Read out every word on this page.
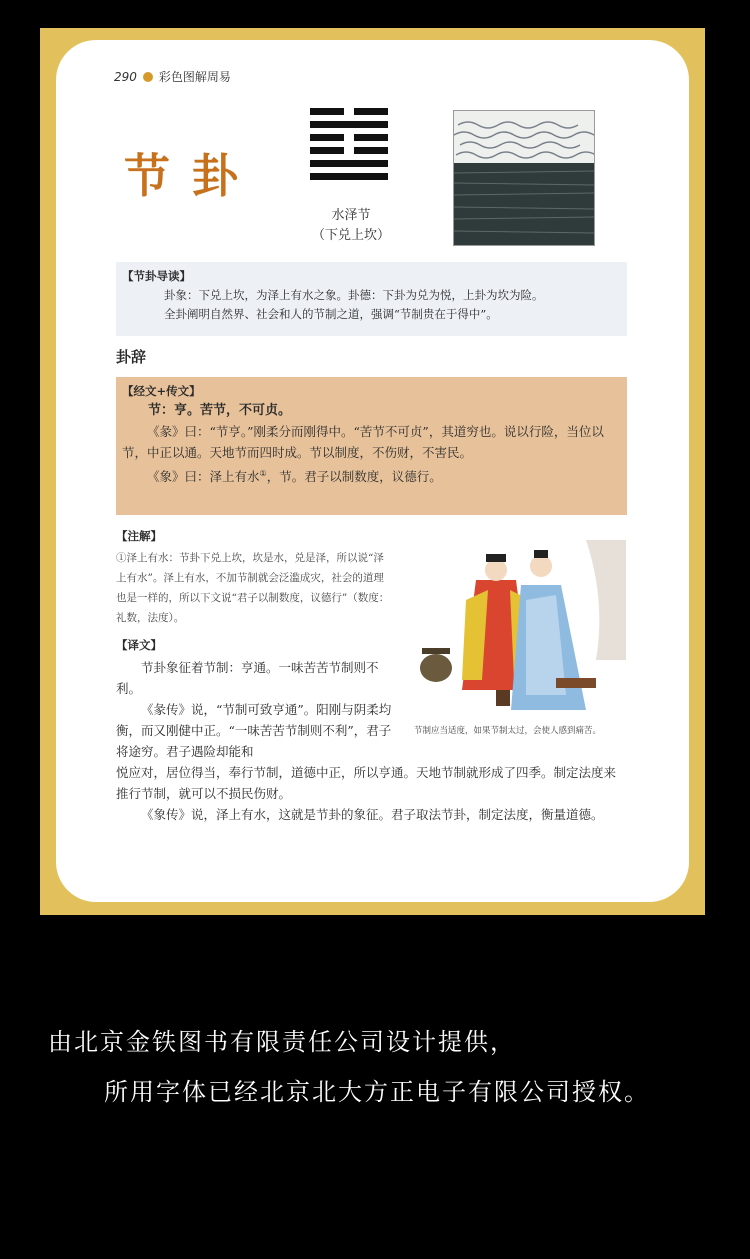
290 彩色图解周易
节卦
水泽节
（下兑上坎）
【节卦导读】

卦象：下兑上坎，为泽上有水之象。卦德：下卦为兑为悦，上卦为坎为险。

全卦阐明自然界、社会和人的节制之道，强调“节制贵在于得中”。

卦辞
【经文+传文】

节：亨。苦节，不可贞。

《彖》曰：“节亨。”刚柔分而刚得中。“苦节不可贞”，其道穷也。说以行险，当位以节，中正以通。天地节而四时成。节以制度，不伤财，不害民。

《象》曰：泽上有水①，节。君子以制数度，议德行。

【注解】
①泽上有水：节卦下兑上坎，坎是水，兑是泽，所以说“泽上有水”。泽上有水，不加节制就会泛滥成灾，社会的道理也是一样的，所以下文说“君子以制数度，议德行”（数度：礼数，法度）。
【译文】

节卦象征着节制：亨通。一味苦苦节制则不利。

《彖传》说，“节制可致亨通”。阳刚与阴柔均衡，而又刚健中正。“一味苦苦节制则不利”，君子将途穷。君子遇险却能和

悦应对，居位得当，奉行节制，道德中正，所以亨通。天地节制就形成了四季。制定法度来推行节制，就可以不损民伤财。

《象传》说，泽上有水，这就是节卦的象征。君子取法节卦，制定法度，衡量道德。

节制应当适度，如果节制太过，会使人感到痛苦。
由北京金铁图书有限责任公司设计提供，
所用字体已经北京北大方正电子有限公司授权。
